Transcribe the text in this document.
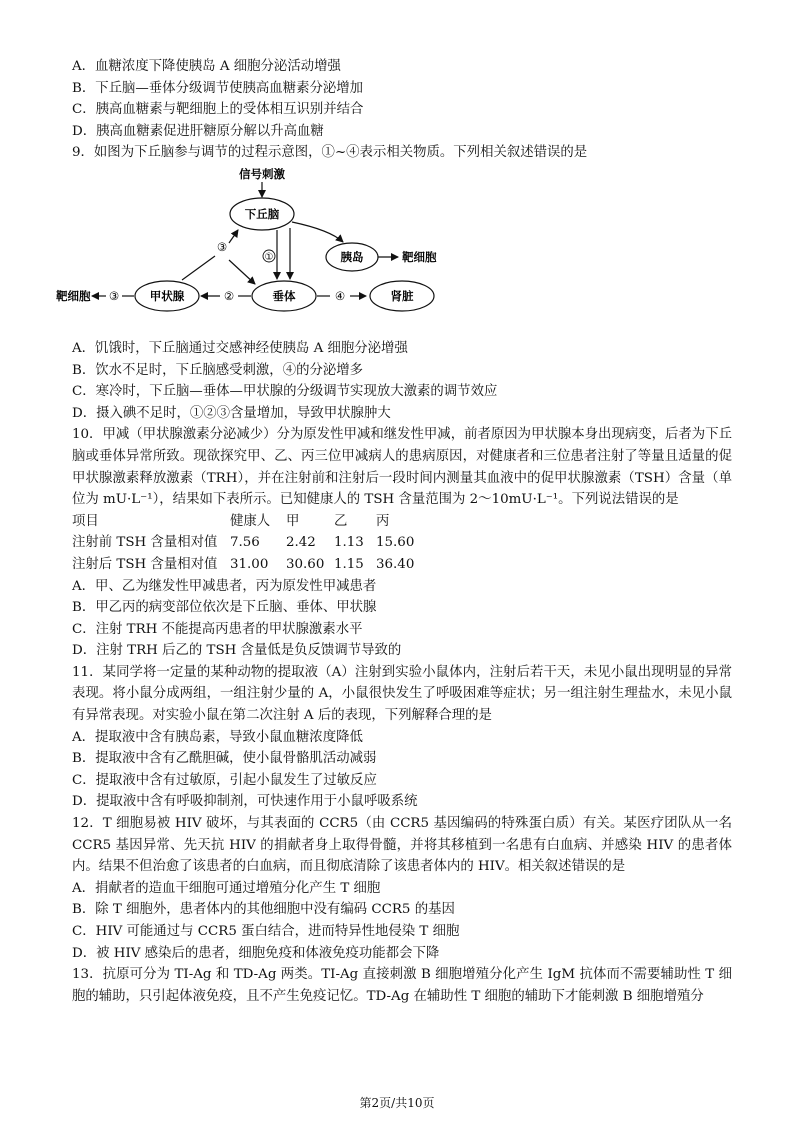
A．血糖浓度下降使胰岛 A 细胞分泌活动增强
B．下丘脑—垂体分级调节使胰高血糖素分泌增加
C．胰高血糖素与靶细胞上的受体相互识别并结合
D．胰高血糖素促进肝糖原分解以升高血糖
9．如图为下丘脑参与调节的过程示意图，①~④表示相关物质。下列相关叙述错误的是
信号刺激
下丘脑
胰岛	靶细胞
垂体
①
甲状腺	②
③
靶细胞
③
④	肾脏
A．饥饿时，下丘脑通过交感神经使胰岛 A 细胞分泌增强
B．饮水不足时，下丘脑感受刺激，④的分泌增多
C．寒冷时，下丘脑—垂体—甲状腺的分级调节实现放大激素的调节效应
D．摄入碘不足时，①②③含量增加，导致甲状腺肿大
10．甲减（甲状腺激素分泌减少）分为原发性甲减和继发性甲减，前者原因为甲状腺本身出现病变，后者为下丘脑或垂体异常所致。现欲探究甲、乙、丙三位甲减病人的患病原因，对健康者和三位患者注射了等量且适量的促甲状腺激素释放激素（TRH），并在注射前和注射后一段时间内测量其血液中的促甲状腺激素（TSH）含量（单位为 mU·L⁻¹），结果如下表所示。已知健康人的 TSH 含量范围为 2～10mU·L⁻¹。下列说法错误的是
项目	健康人	甲	乙	丙
注射前 TSH 含量相对值	7.56	2.42	1.13	15.60
注射后 TSH 含量相对值	31.00	30.60	1.15	36.40
A．甲、乙为继发性甲减患者，丙为原发性甲减患者
B．甲乙丙的病变部位依次是下丘脑、垂体、甲状腺
C．注射 TRH 不能提高丙患者的甲状腺激素水平
D．注射 TRH 后乙的 TSH 含量低是负反馈调节导致的
11．某同学将一定量的某种动物的提取液（A）注射到实验小鼠体内，注射后若干天，未见小鼠出现明显的异常表现。将小鼠分成两组，一组注射少量的 A，小鼠很快发生了呼吸困难等症状；另一组注射生理盐水，未见小鼠有异常表现。对实验小鼠在第二次注射 A 后的表现，下列解释合理的是
A．提取液中含有胰岛素，导致小鼠血糖浓度降低
B．提取液中含有乙酰胆碱，使小鼠骨骼肌活动减弱
C．提取液中含有过敏原，引起小鼠发生了过敏反应
D．提取液中含有呼吸抑制剂，可快速作用于小鼠呼吸系统
12．T 细胞易被 HIV 破坏，与其表面的 CCR5（由 CCR5 基因编码的特殊蛋白质）有关。某医疗团队从一名 CCR5 基因异常、先天抗 HIV 的捐献者身上取得骨髓，并将其移植到一名患有白血病、并感染 HIV 的患者体内。结果不但治愈了该患者的白血病，而且彻底清除了该患者体内的 HIV。相关叙述错误的是
A．捐献者的造血干细胞可通过增殖分化产生 T 细胞
B．除 T 细胞外，患者体内的其他细胞中没有编码 CCR5 的基因
C．HIV 可能通过与 CCR5 蛋白结合，进而特异性地侵染 T 细胞
D．被 HIV 感染后的患者，细胞免疫和体液免疫功能都会下降
13．抗原可分为 TI-Ag 和 TD-Ag 两类。TI-Ag 直接刺激 B 细胞增殖分化产生 IgM 抗体而不需要辅助性 T 细胞的辅助，只引起体液免疫，且不产生免疫记忆。TD-Ag 在辅助性 T 细胞的辅助下才能刺激 B 细胞增殖分
第2页/共10页
